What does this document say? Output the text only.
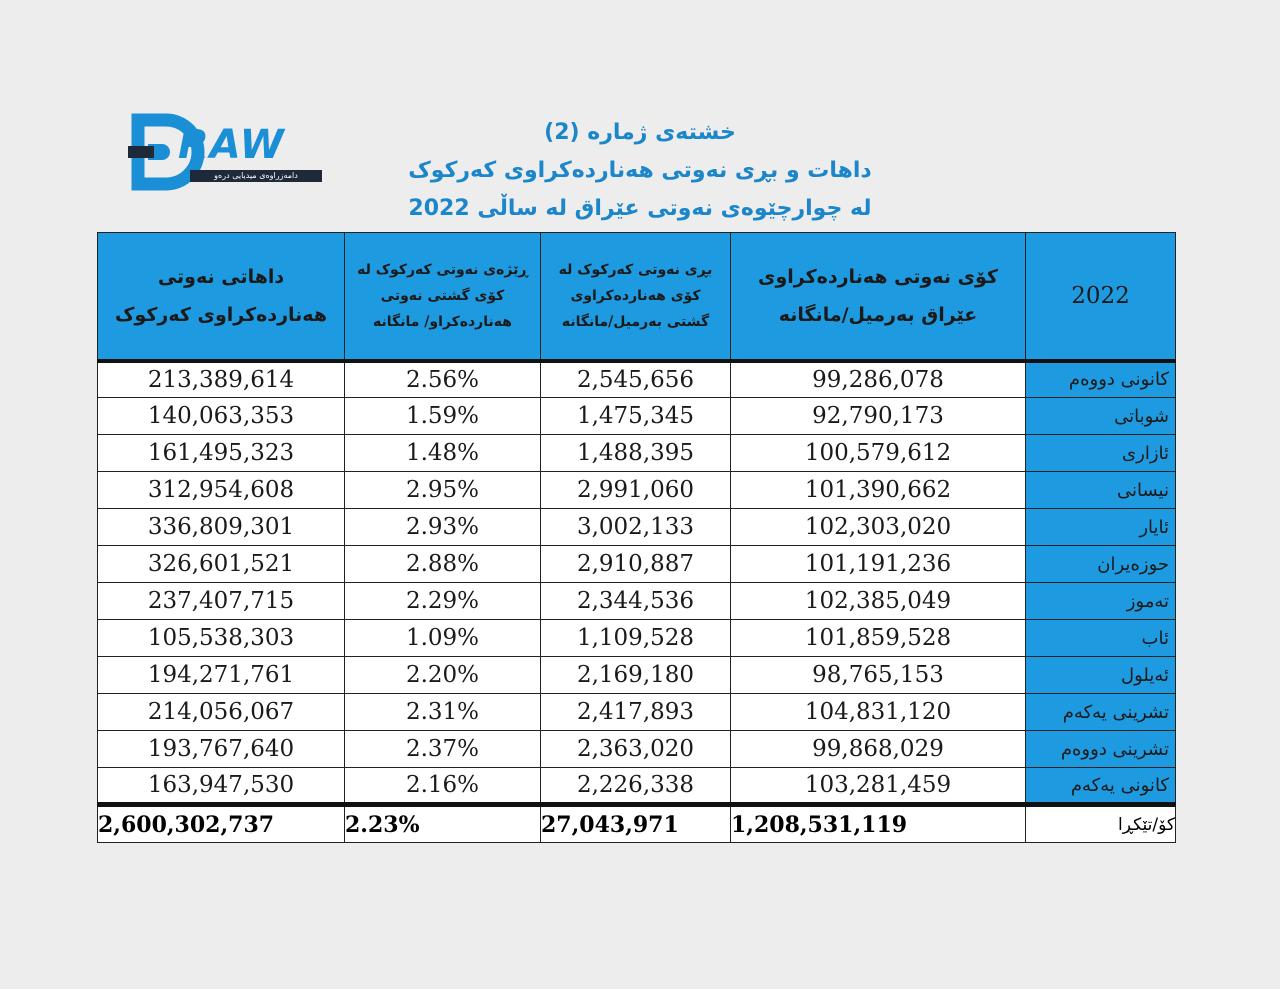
RAW
دامەزراوەی میدیایی درەو
خشتەی ژمارە (2)
داهات و بڕی نەوتی هەناردەکراوی کەرکوک
لە چوارچێوەی نەوتی عێراق لە ساڵی 2022
داهاتی نەوتی هەناردەکراوی کەرکوک	ڕێژەی نەوتی کەرکوک لە کۆی گشتی نەوتی هەناردەکراو/ مانگانە	بڕی نەوتی کەرکوک لە کۆی هەناردەکراوی گشتی بەرمیل/مانگانە	کۆی نەوتی هەناردەکراوی عێراق بەرمیل/مانگانە	2022
213,389,614	2.56%	2,545,656	99,286,078	کانونی دووەم
140,063,353	1.59%	1,475,345	92,790,173	شوباتی
161,495,323	1.48%	1,488,395	100,579,612	ئازاری
312,954,608	2.95%	2,991,060	101,390,662	نیسانی
336,809,301	2.93%	3,002,133	102,303,020	ئایار
326,601,521	2.88%	2,910,887	101,191,236	حوزەیران
237,407,715	2.29%	2,344,536	102,385,049	تەموز
105,538,303	1.09%	1,109,528	101,859,528	ئاب
194,271,761	2.20%	2,169,180	98,765,153	ئەیلول
214,056,067	2.31%	2,417,893	104,831,120	تشرینی یەکەم
193,767,640	2.37%	2,363,020	99,868,029	تشرینی دووەم
163,947,530	2.16%	2,226,338	103,281,459	کانونی یەکەم
2,600,302,737	2.23%	27,043,971	1,208,531,119	کۆ/تێکڕا
